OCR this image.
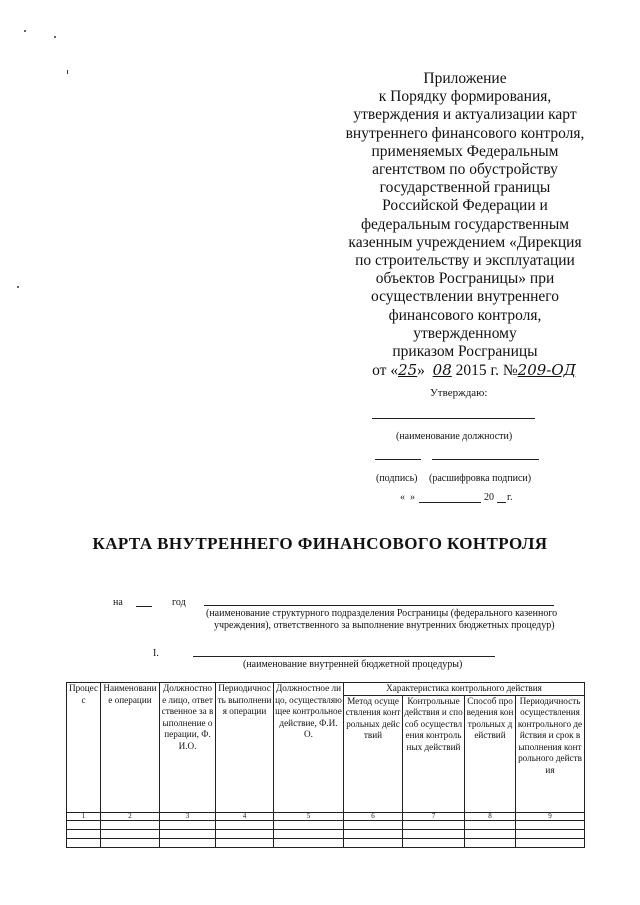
Приложение
к Порядку формирования,
утверждения и актуализации карт
внутреннего финансового контроля,
применяемых Федеральным
агентством по обустройству
государственной границы
Российской Федерации и
федеральным государственным
казенным учреждением «Дирекция
по строительству и эксплуатации
объектов Росграницы» при
осуществлении внутреннего
финансового контроля,
утвержденному
приказом Росграницы
от «25» 08 2015 г. №209-ОД
Утверждаю:
(наименование должности)
(подпись) (расшифровка подписи)
« »	20 г.
КАРТА ВНУТРЕННЕГО ФИНАНСОВОГО КОНТРОЛЯ
на	год
(наименование структурного подразделения Росграницы (федерального казенного
учреждения), ответственного за выполнение внутренних бюджетных процедур)
I.
(наименование внутренней бюджетной процедуры)
Процесс	Наименование операции	Должностное лицо, ответственное за выполнение операции, Ф.И.О.	Периодичность выполнения операции	Должностное лицо, осуществляющее контрольное действие, Ф.И.О.	Характеристика контрольного действия			
					Метод осуществления контрольных действий	Контрольные действия и способ осуществления контрольных действий	Способ проведения контрольных действий	Периодичность осуществления контрольного действия и срок выполнения контрольного действия
1	2	3	4	5	6	7	8	9
